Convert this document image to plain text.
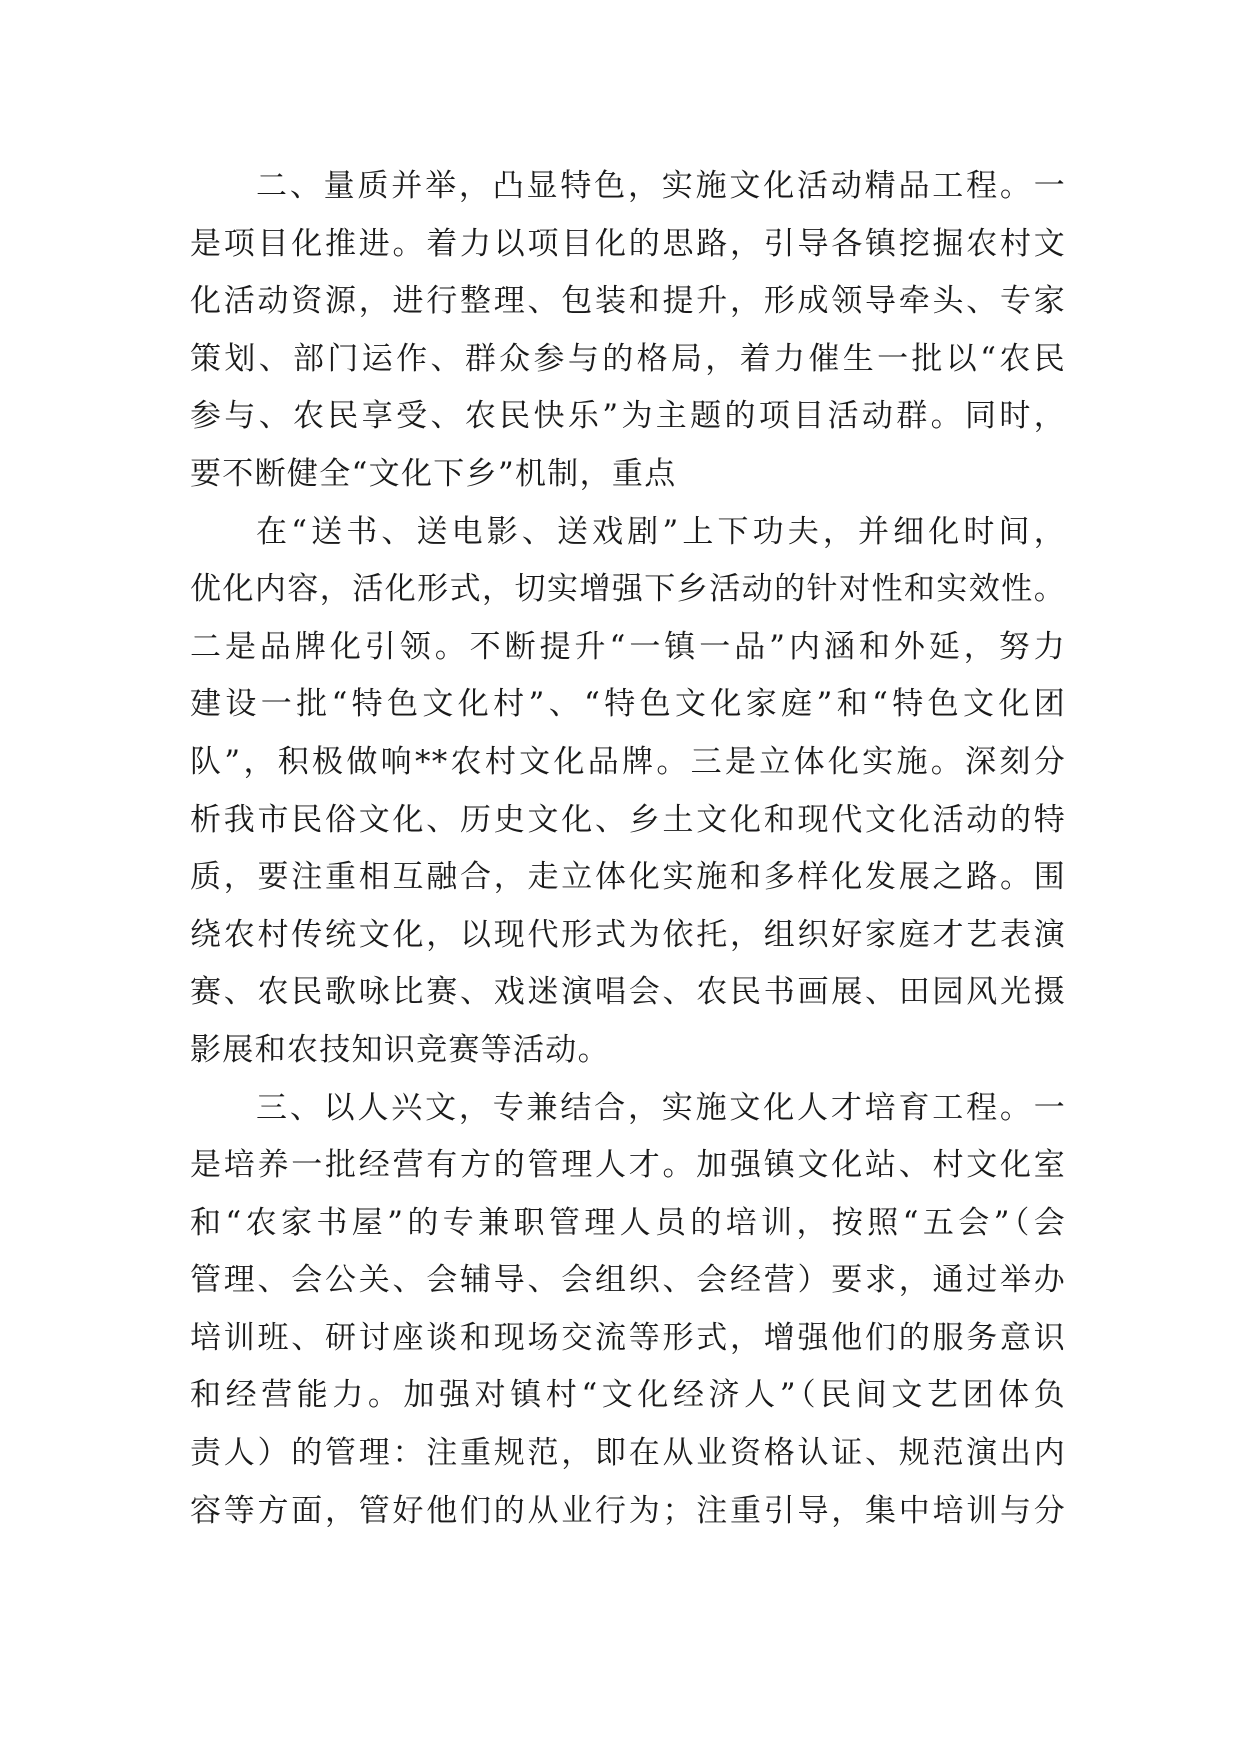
二、量质并举，凸显特色，实施文化活动精品工程。一
是项目化推进。着力以项目化的思路，引导各镇挖掘农村文
化活动资源，进行整理、包装和提升，形成领导牵头、专家
策划、部门运作、群众参与的格局，着力催生一批以“农民
参与、农民享受、农民快乐”为主题的项目活动群。同时，
要不断健全“文化下乡”机制，重点
在“送书、送电影、送戏剧”上下功夫，并细化时间，
优化内容，活化形式，切实增强下乡活动的针对性和实效性。
二是品牌化引领。不断提升“一镇一品”内涵和外延，努力
建设一批“特色文化村”、“特色文化家庭”和“特色文化团
队”，积极做响**农村文化品牌。三是立体化实施。深刻分
析我市民俗文化、历史文化、乡土文化和现代文化活动的特
质，要注重相互融合，走立体化实施和多样化发展之路。围
绕农村传统文化，以现代形式为依托，组织好家庭才艺表演
赛、农民歌咏比赛、戏迷演唱会、农民书画展、田园风光摄
影展和农技知识竞赛等活动。
三、以人兴文，专兼结合，实施文化人才培育工程。一
是培养一批经营有方的管理人才。加强镇文化站、村文化室
和“农家书屋”的专兼职管理人员的培训，按照“五会”（会
管理、会公关、会辅导、会组织、会经营）要求，通过举办
培训班、研讨座谈和现场交流等形式，增强他们的服务意识
和经营能力。加强对镇村“文化经济人”（民间文艺团体负
责人）的管理：注重规范，即在从业资格认证、规范演出内
容等方面，管好他们的从业行为；注重引导，集中培训与分
